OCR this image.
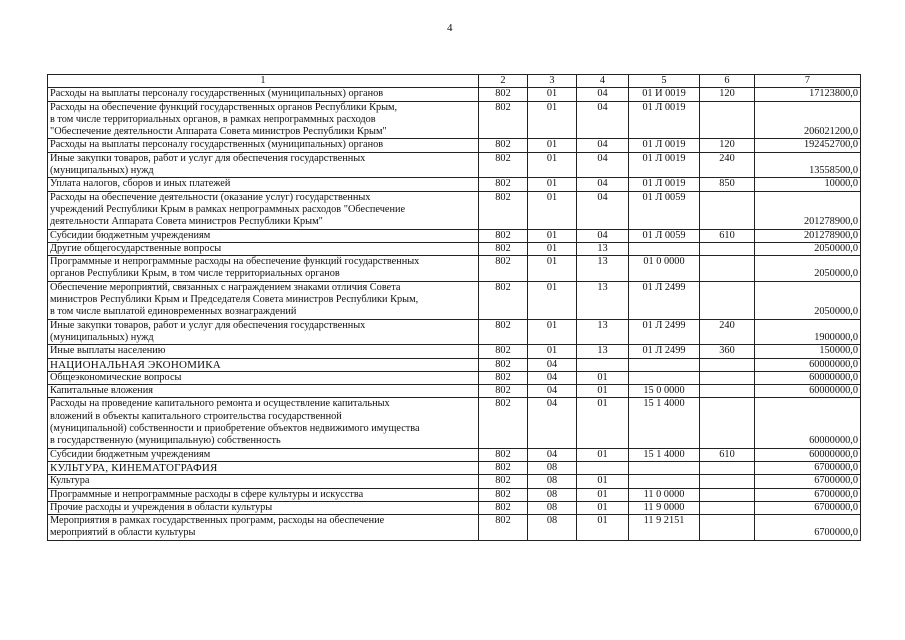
4
1	2	3	4	5	6	7
Расходы на выплаты персоналу государственных (муниципальных) органов	802	01	04	01 И 0019	120	17123800,0
Расходы на обеспечение функций государственных органов Республики Крым,
в том числе территориальных органов, в рамках непрограммных расходов
"Обеспечение деятельности Аппарата Совета министров Республики Крым"	802	01	04	01 Л 0019		206021200,0
Расходы на выплаты персоналу государственных (муниципальных) органов	802	01	04	01 Л 0019	120	192452700,0
Иные закупки товаров, работ и услуг для обеспечения государственных
(муниципальных) нужд	802	01	04	01 Л 0019	240	13558500,0
Уплата налогов, сборов и иных платежей	802	01	04	01 Л 0019	850	10000,0
Расходы на обеспечение деятельности (оказание услуг) государственных
учреждений Республики Крым в рамках непрограммных расходов "Обеспечение
деятельности Аппарата Совета министров Республики Крым"	802	01	04	01 Л 0059		201278900,0
Субсидии бюджетным учреждениям	802	01	04	01 Л 0059	610	201278900,0
Другие общегосударственные вопросы	802	01	13			2050000,0
Программные и непрограммные расходы на обеспечение функций государственных
органов Республики Крым, в том числе территориальных органов	802	01	13	01 0 0000		2050000,0
Обеспечение мероприятий, связанных с награждением знаками отличия Совета
министров Республики Крым и Председателя Совета министров Республики Крым,
в том числе выплатой единовременных вознаграждений	802	01	13	01 Л 2499		2050000,0
Иные закупки товаров, работ и услуг для обеспечения государственных
(муниципальных) нужд	802	01	13	01 Л 2499	240	1900000,0
Иные выплаты населению	802	01	13	01 Л 2499	360	150000,0
НАЦИОНАЛЬНАЯ ЭКОНОМИКА	802	04				60000000,0
Общеэкономические вопросы	802	04	01			60000000,0
Капитальные вложения	802	04	01	15 0 0000		60000000,0
Расходы на проведение капитального ремонта и осуществление капитальных
вложений в объекты капитального строительства государственной
(муниципальной) собственности и приобретение объектов недвижимого имущества
в государственную (муниципальную) собственность	802	04	01	15 1 4000		60000000,0
Субсидии бюджетным учреждениям	802	04	01	15 1 4000	610	60000000,0
КУЛЬТУРА, КИНЕМАТОГРАФИЯ	802	08				6700000,0
Культура	802	08	01			6700000,0
Программные и непрограммные расходы в сфере культуры и искусства	802	08	01	11 0 0000		6700000,0
Прочие расходы и учреждения в области культуры	802	08	01	11 9 0000		6700000,0
Мероприятия в рамках государственных программ, расходы на обеспечение
мероприятий в области культуры	802	08	01	11 9 2151		6700000,0
